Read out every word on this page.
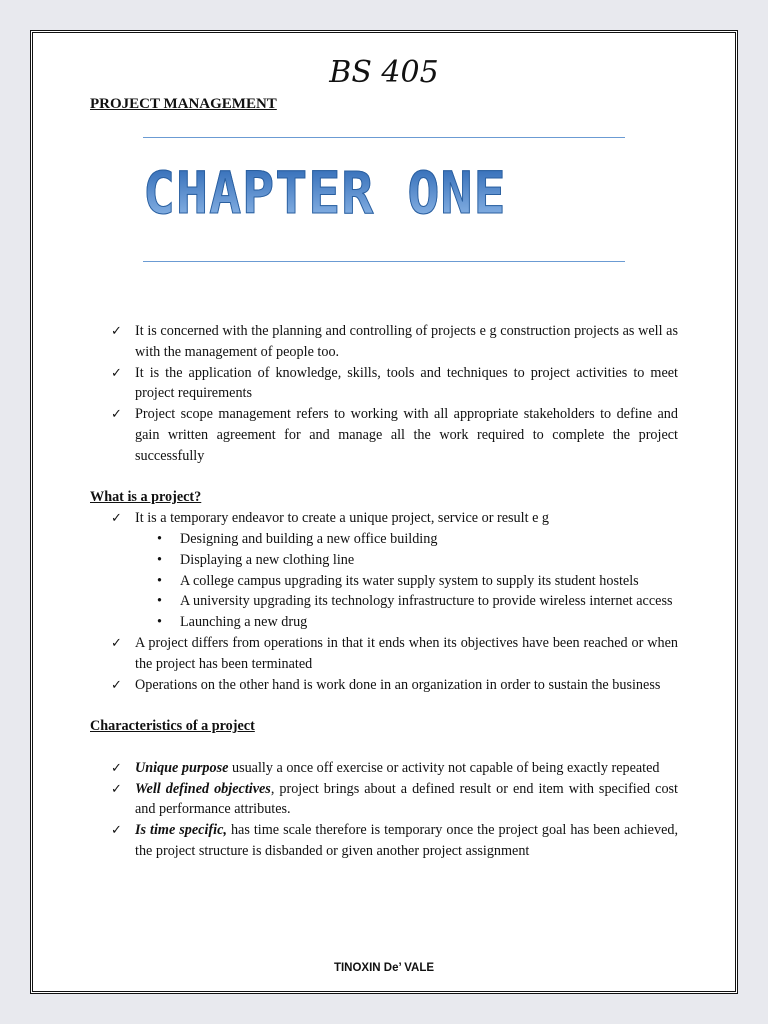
BS 405
PROJECT MANAGEMENT
CHAPTER ONE
✓ It is concerned with the planning and controlling of projects e g construction projects as well as with the management of people too.
✓ It is the application of knowledge, skills, tools and techniques to project activities to meet project requirements
✓ Project scope management refers to working with all appropriate stakeholders to define and gain written agreement for and manage all the work required to complete the project successfully

What is a project?

✓ It is a temporary endeavor to create a unique project, service or result e g
• Designing and building a new office building
• Displaying a new clothing line
• A college campus upgrading its water supply system to supply its student hostels
• A university upgrading its technology infrastructure to provide wireless internet access
• Launching a new drug
✓ A project differs from operations in that it ends when its objectives have been reached or when the project has been terminated
✓ Operations on the other hand is work done in an organization in order to sustain the business

Characteristics of a project

✓ Unique purpose usually a once off exercise or activity not capable of being exactly repeated
✓ Well defined objectives, project brings about a defined result or end item with specified cost and performance attributes.
✓ Is time specific, has time scale therefore is temporary once the project goal has been achieved, the project structure is disbanded or given another project assignment
TINOXIN De’ VALE
